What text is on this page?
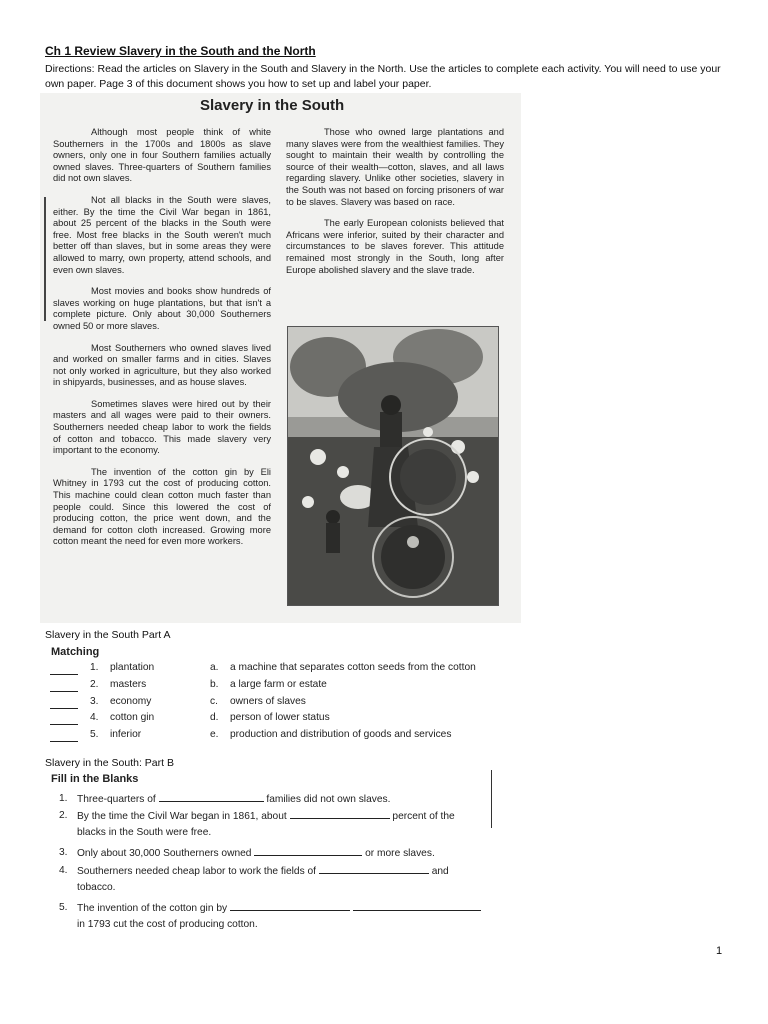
Ch 1 Review Slavery in the South and the North
Directions: Read the articles on Slavery in the South and Slavery in the North. Use the articles to complete each activity. You will need to use your own paper. Page 3 of this document shows you how to set up and label your paper.
Slavery in the South

Although most people think of white Southerners in the 1700s and 1800s as slave owners, only one in four Southern families actually owned slaves. Three-quarters of Southern families did not own slaves.

Not all blacks in the South were slaves, either. By the time the Civil War began in 1861, about 25 percent of the blacks in the South were free. Most free blacks in the South weren't much better off than slaves, but in some areas they were allowed to marry, own property, attend schools, and even own slaves.

Most movies and books show hundreds of slaves working on huge plantations, but that isn't a complete picture. Only about 30,000 Southerners owned 50 or more slaves.

Most Southerners who owned slaves lived and worked on smaller farms and in cities. Slaves not only worked in agriculture, but they also worked in shipyards, businesses, and as house slaves.

Sometimes slaves were hired out by their masters and all wages were paid to their owners. Southerners needed cheap labor to work the fields of cotton and tobacco. This made slavery very important to the economy.

The invention of the cotton gin by Eli Whitney in 1793 cut the cost of producing cotton. This machine could clean cotton much faster than people could. Since this lowered the cost of producing cotton, the price went down, and the demand for cotton cloth increased. Growing more cotton meant the need for even more workers.

Those who owned large plantations and many slaves were from the wealthiest families. They sought to maintain their wealth by controlling the source of their wealth—cotton, slaves, and all laws regarding slavery. Unlike other societies, slavery in the South was not based on forcing prisoners of war to be slaves. Slavery was based on race.

The early European colonists believed that Africans were inferior, suited by their character and circumstances to be slaves forever. This attitude remained most strongly in the South, long after Europe abolished slavery and the slave trade.

Slavery in the South Part A
Matching
1. plantation	a. a machine that separates cotton seeds from the cotton
2. masters	b. a large farm or estate
3. economy	c. owners of slaves
4. cotton gin	d. person of lower status
5. inferior	e. production and distribution of goods and services
Slavery in the South: Part B
Fill in the Blanks
1. Three-quarters of	families did not own slaves.
2. By the time the Civil War began in 1861, about	percent of the
blacks in the South were free.
3. Only about 30,000 Southerners owned	or more slaves.
4. Southerners needed cheap labor to work the fields of	and
tobacco.
5. The invention of the cotton gin by
in 1793 cut the cost of producing cotton.
1
